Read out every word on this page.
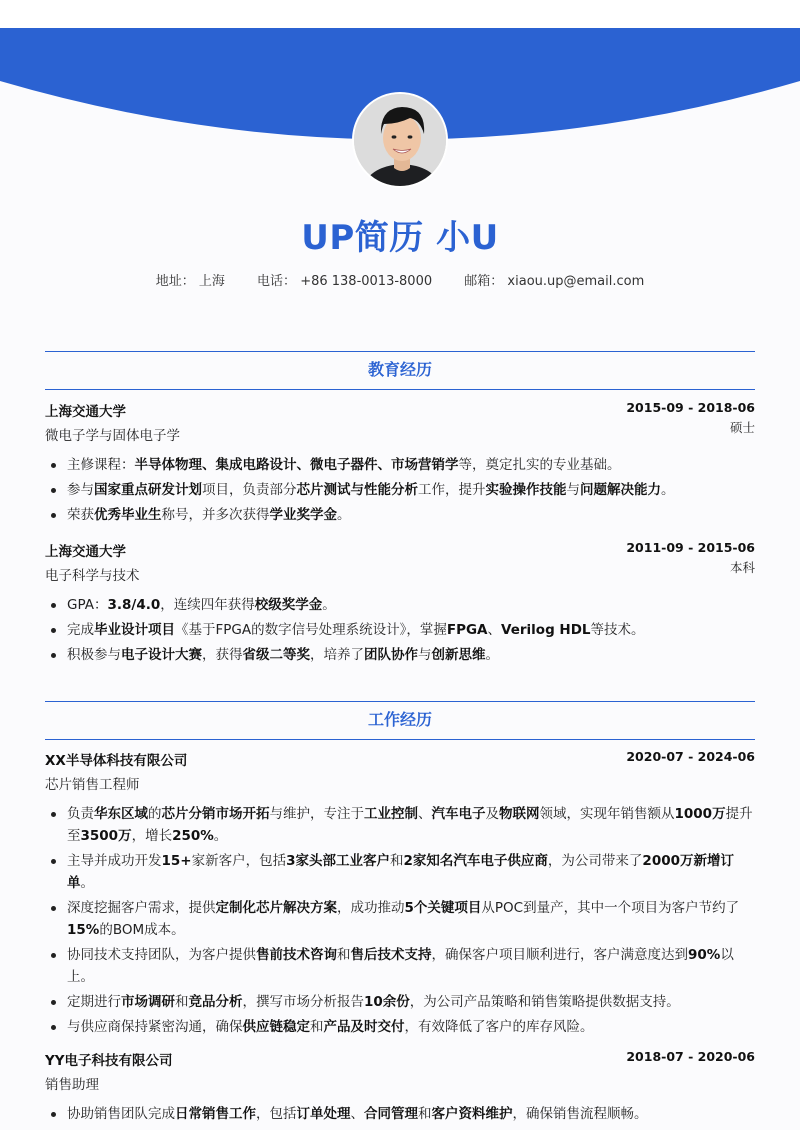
UP简历 小U
地址： 上海 电话： +86 138-0013-8000 邮箱： xiaou.up@email.com
教育经历
上海交通大学	2015-09 - 2018-06
微电子学与固体电子学
硕士
主修课程：半导体物理、集成电路设计、微电子器件、市场营销学等，奠定扎实的专业基础。
参与国家重点研发计划项目，负责部分芯片测试与性能分析工作，提升实验操作技能与问题解决能力。
荣获优秀毕业生称号，并多次获得学业奖学金。
上海交通大学	2011-09 - 2015-06
电子科学与技术
本科
GPA：3.8/4.0，连续四年获得校级奖学金。
完成毕业设计项目《基于FPGA的数字信号处理系统设计》，掌握FPGA、Verilog HDL等技术。
积极参与电子设计大赛，获得省级二等奖，培养了团队协作与创新思维。
工作经历
XX半导体科技有限公司	2020-07 - 2024-06
芯片销售工程师
负责华东区域的芯片分销市场开拓与维护，专注于工业控制、汽车电子及物联网领域，实现年销售额从1000万提升至3500万，增长250%。
主导并成功开发15+家新客户，包括3家头部工业客户和2家知名汽车电子供应商，为公司带来了2000万新增订单。
深度挖掘客户需求，提供定制化芯片解决方案，成功推动5个关键项目从POC到量产，其中一个项目为客户节约了15%的BOM成本。
协同技术支持团队，为客户提供售前技术咨询和售后技术支持，确保客户项目顺利进行，客户满意度达到90%以上。
定期进行市场调研和竞品分析，撰写市场分析报告10余份，为公司产品策略和销售策略提供数据支持。
与供应商保持紧密沟通，确保供应链稳定和产品及时交付，有效降低了客户的库存风险。
YY电子科技有限公司	2018-07 - 2020-06
销售助理
协助销售团队完成日常销售工作，包括订单处理、合同管理和客户资料维护，确保销售流程顺畅。
